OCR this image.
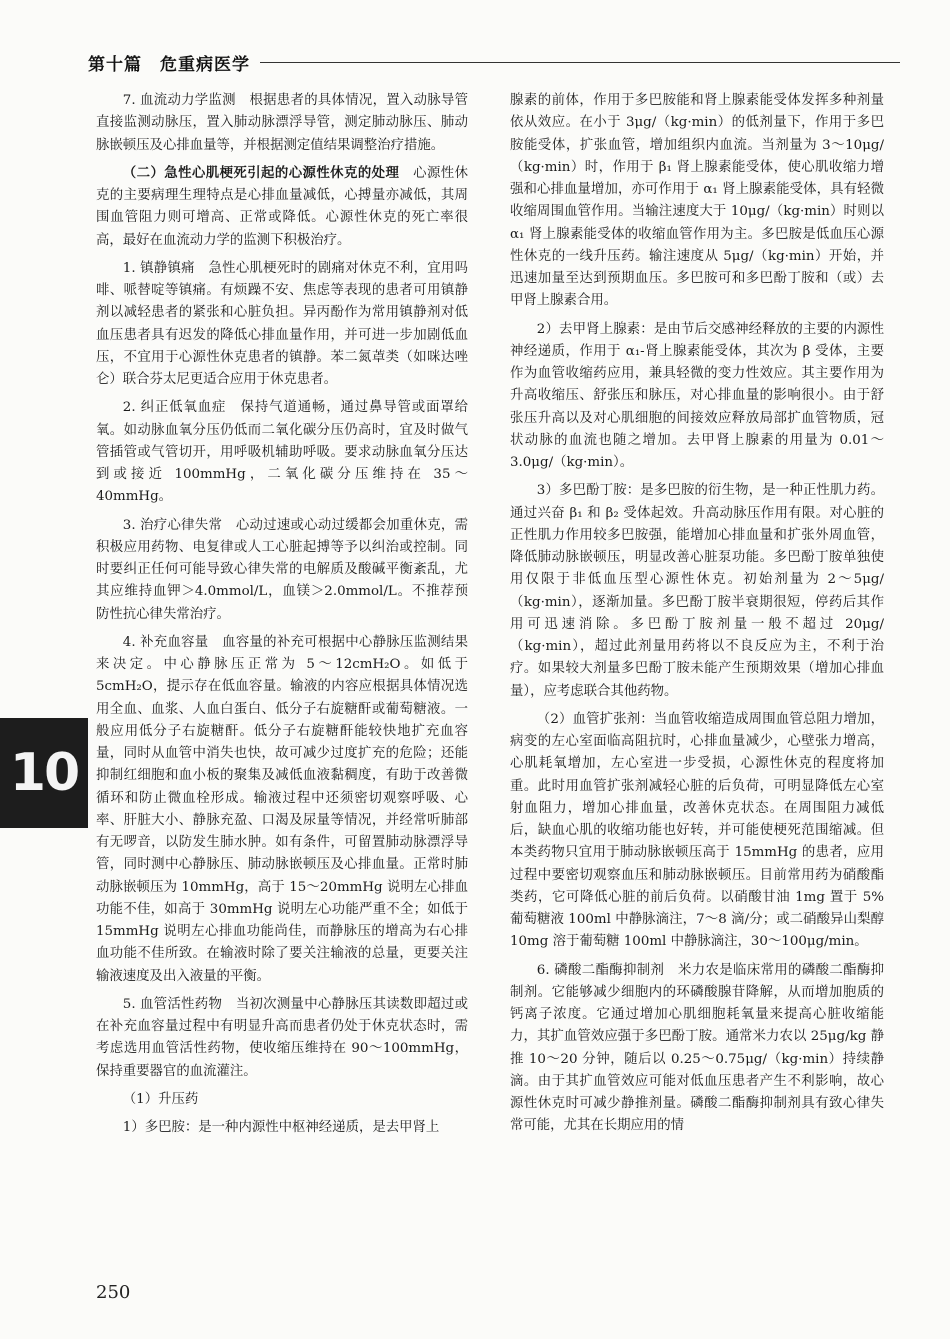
第十篇　危重病医学
10

7. 血流动力学监测　根据患者的具体情况，置入动脉导管直接监测动脉压，置入肺动脉漂浮导管，测定肺动脉压、肺动脉嵌顿压及心排血量等，并根据测定值结果调整治疗措施。

（二）急性心肌梗死引起的心源性休克的处理　心源性休克的主要病理生理特点是心排血量减低，心搏量亦减低，其周围血管阻力则可增高、正常或降低。心源性休克的死亡率很高，最好在血流动力学的监测下积极治疗。

1. 镇静镇痛　急性心肌梗死时的剧痛对休克不利，宜用吗啡、哌替啶等镇痛。有烦躁不安、焦虑等表现的患者可用镇静剂以减轻患者的紧张和心脏负担。异丙酚作为常用镇静剂对低血压患者具有迟发的降低心排血量作用，并可进一步加剧低血压，不宜用于心源性休克患者的镇静。苯二氮䓬类（如咪达唑仑）联合芬太尼更适合应用于休克患者。

2. 纠正低氧血症　保持气道通畅，通过鼻导管或面罩给氧。如动脉血氧分压仍低而二氧化碳分压仍高时，宜及时做气管插管或气管切开，用呼吸机辅助呼吸。要求动脉血氧分压达到或接近 100mmHg，二氧化碳分压维持在 35～40mmHg。

3. 治疗心律失常　心动过速或心动过缓都会加重休克，需积极应用药物、电复律或人工心脏起搏等予以纠治或控制。同时要纠正任何可能导致心律失常的电解质及酸碱平衡紊乱，尤其应维持血钾＞4.0mmol/L，血镁＞2.0mmol/L。不推荐预防性抗心律失常治疗。

4. 补充血容量　血容量的补充可根据中心静脉压监测结果来决定。中心静脉压正常为 5～12cmH₂O。如低于 5cmH₂O，提示存在低血容量。输液的内容应根据具体情况选用全血、血浆、人血白蛋白、低分子右旋糖酐或葡萄糖液。一般应用低分子右旋糖酐。低分子右旋糖酐能较快地扩充血容量，同时从血管中消失也快，故可减少过度扩充的危险；还能抑制红细胞和血小板的聚集及减低血液黏稠度，有助于改善微循环和防止微血栓形成。输液过程中还须密切观察呼吸、心率、肝脏大小、静脉充盈、口渴及尿量等情况，并经常听肺部有无啰音，以防发生肺水肿。如有条件，可留置肺动脉漂浮导管，同时测中心静脉压、肺动脉嵌顿压及心排血量。正常时肺动脉嵌顿压为 10mmHg，高于 15～20mmHg 说明左心排血功能不佳，如高于 30mmHg 说明左心功能严重不全；如低于 15mmHg 说明左心排血功能尚佳，而静脉压的增高为右心排血功能不佳所致。在输液时除了要关注输液的总量，更要关注输液速度及出入液量的平衡。

5. 血管活性药物　当初次测量中心静脉压其读数即超过或在补充血容量过程中有明显升高而患者仍处于休克状态时，需考虑选用血管活性药物，使收缩压维持在 90～100mmHg，保持重要器官的血流灌注。

（1）升压药

1）多巴胺：是一种内源性中枢神经递质，是去甲肾上

腺素的前体，作用于多巴胺能和肾上腺素能受体发挥多种剂量依从效应。在小于 3μg/（kg·min）的低剂量下，作用于多巴胺能受体，扩张血管，增加组织内血流。当剂量为 3～10μg/（kg·min）时，作用于 β₁ 肾上腺素能受体，使心肌收缩力增强和心排血量增加，亦可作用于 α₁ 肾上腺素能受体，具有轻微收缩周围血管作用。当输注速度大于 10μg/（kg·min）时则以 α₁ 肾上腺素能受体的收缩血管作用为主。多巴胺是低血压心源性休克的一线升压药。输注速度从 5μg/（kg·min）开始，并迅速加量至达到预期血压。多巴胺可和多巴酚丁胺和（或）去甲肾上腺素合用。

2）去甲肾上腺素：是由节后交感神经释放的主要的内源性神经递质，作用于 α₁-肾上腺素能受体，其次为 β 受体，主要作为血管收缩药应用，兼具轻微的变力性效应。其主要作用为升高收缩压、舒张压和脉压，对心排血量的影响很小。由于舒张压升高以及对心肌细胞的间接效应释放局部扩血管物质，冠状动脉的血流也随之增加。去甲肾上腺素的用量为 0.01～3.0μg/（kg·min）。

3）多巴酚丁胺：是多巴胺的衍生物，是一种正性肌力药。通过兴奋 β₁ 和 β₂ 受体起效。升高动脉压作用有限。对心脏的正性肌力作用较多巴胺强，能增加心排血量和扩张外周血管，降低肺动脉嵌顿压，明显改善心脏泵功能。多巴酚丁胺单独使用仅限于非低血压型心源性休克。初始剂量为 2～5μg/（kg·min），逐渐加量。多巴酚丁胺半衰期很短，停药后其作用可迅速消除。多巴酚丁胺剂量一般不超过 20μg/（kg·min），超过此剂量用药将以不良反应为主，不利于治疗。如果较大剂量多巴酚丁胺未能产生预期效果（增加心排血量），应考虑联合其他药物。

（2）血管扩张剂：当血管收缩造成周围血管总阻力增加，病变的左心室面临高阻抗时，心排血量减少，心壁张力增高，心肌耗氧增加，左心室进一步受损，心源性休克的程度将加重。此时用血管扩张剂减轻心脏的后负荷，可明显降低左心室射血阻力，增加心排血量，改善休克状态。在周围阻力减低后，缺血心肌的收缩功能也好转，并可能使梗死范围缩减。但本类药物只宜用于肺动脉嵌顿压高于 15mmHg 的患者，应用过程中要密切观察血压和肺动脉嵌顿压。目前常用药为硝酸酯类药，它可降低心脏的前后负荷。以硝酸甘油 1mg 置于 5% 葡萄糖液 100ml 中静脉滴注，7～8 滴/分；或二硝酸异山梨醇 10mg 溶于葡萄糖 100ml 中静脉滴注，30～100μg/min。

6. 磷酸二酯酶抑制剂　米力农是临床常用的磷酸二酯酶抑制剂。它能够减少细胞内的环磷酸腺苷降解，从而增加胞质的钙离子浓度。它通过增加心肌细胞耗氧量来提高心脏收缩能力，其扩血管效应强于多巴酚丁胺。通常米力农以 25μg/kg 静推 10～20 分钟，随后以 0.25～0.75μg/（kg·min）持续静滴。由于其扩血管效应可能对低血压患者产生不利影响，故心源性休克时可减少静推剂量。磷酸二酯酶抑制剂具有致心律失常可能，尤其在长期应用的情

250
